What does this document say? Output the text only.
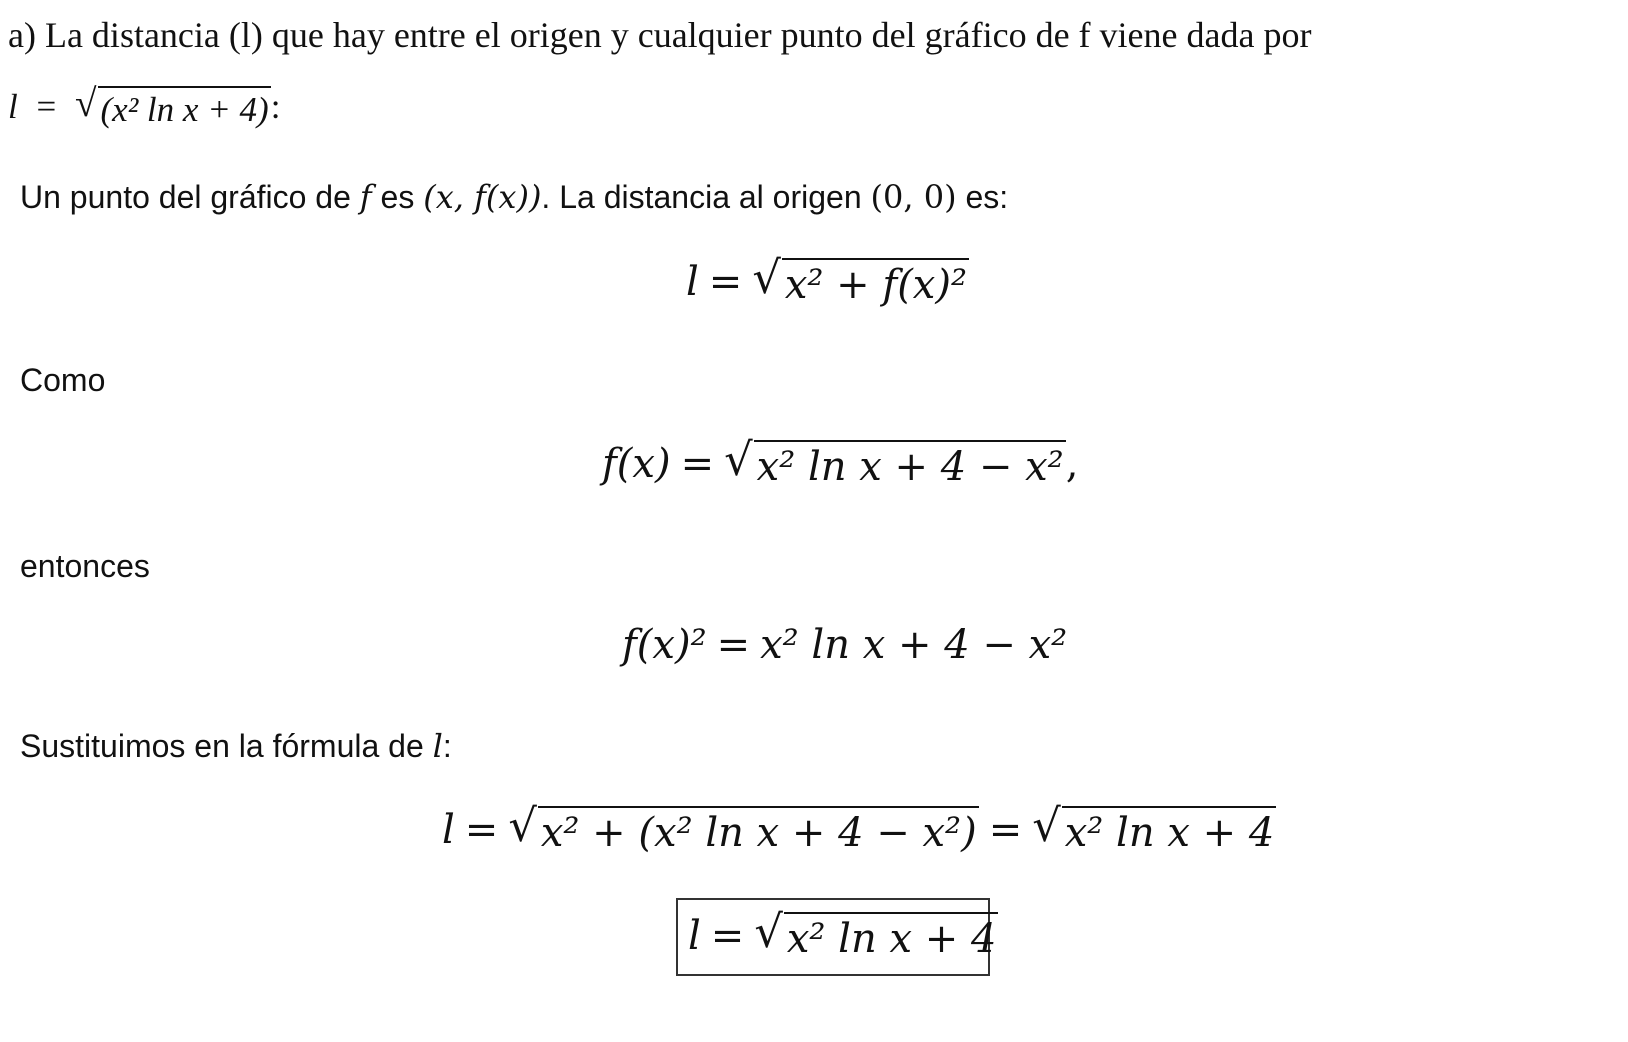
a) La distancia (l) que hay entre el origen y cualquier punto del gráfico de f viene dada por
l = √ (x² ln x + 4) :
Un punto del gráfico de f es (x, f(x)). La distancia al origen (0, 0) es:
l = √ x² + f(x)²
Como
f(x) = √ x² ln x + 4 − x² ,
entonces
f(x)² = x² ln x + 4 − x²
Sustituimos en la fórmula de l:
l = √ x² + (x² ln x + 4 − x²) = √ x² ln x + 4
l = √ x² ln x + 4
